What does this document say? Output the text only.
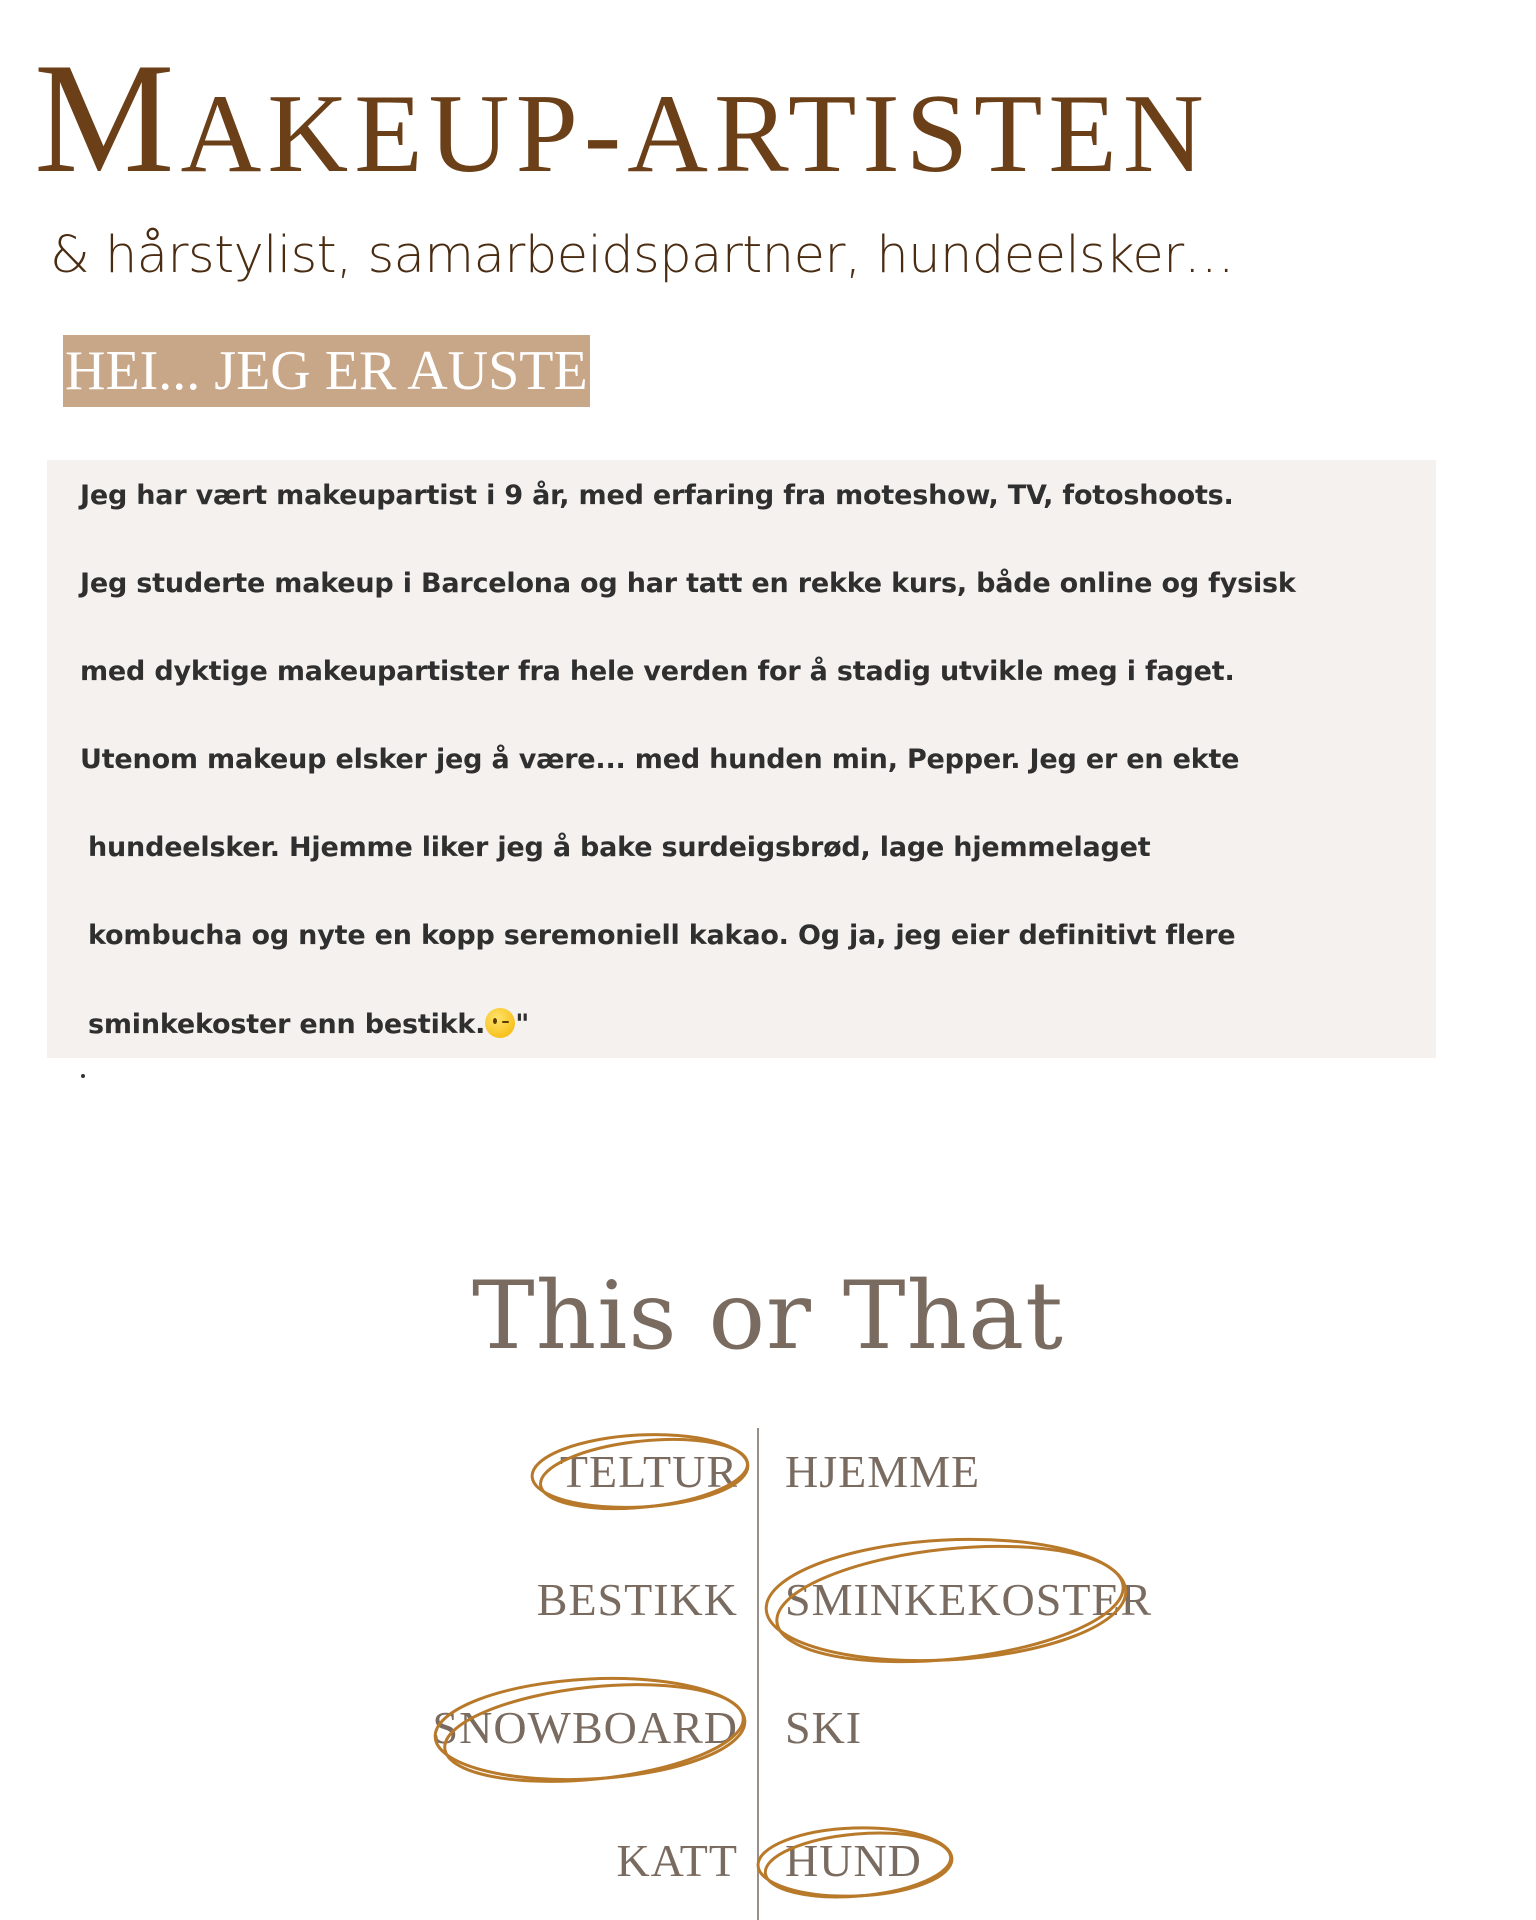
MAKEUP-ARTISTEN
& hårstylist, samarbeidspartner, hundeelsker…
HEI... JEG ER AUSTE
Jeg har vært makeupartist i 9 år, med erfaring fra moteshow, TV, fotoshoots.
Jeg studerte makeup i Barcelona og har tatt en rekke kurs, både online og fysisk
med dyktige makeupartister fra hele verden for å stadig utvikle meg i faget.
Utenom makeup elsker jeg å være... med hunden min, Pepper. Jeg er en ekte
hundeelsker. Hjemme liker jeg å bake surdeigsbrød, lage hjemmelaget
kombucha og nyte en kopp seremoniell kakao. Og ja, jeg eier definitivt flere
sminkekoster enn bestikk. "
This or That
TELTUR HJEMME
BESTIKK SMINKEKOSTER
SNOWBOARD SKI
KATT HUND
